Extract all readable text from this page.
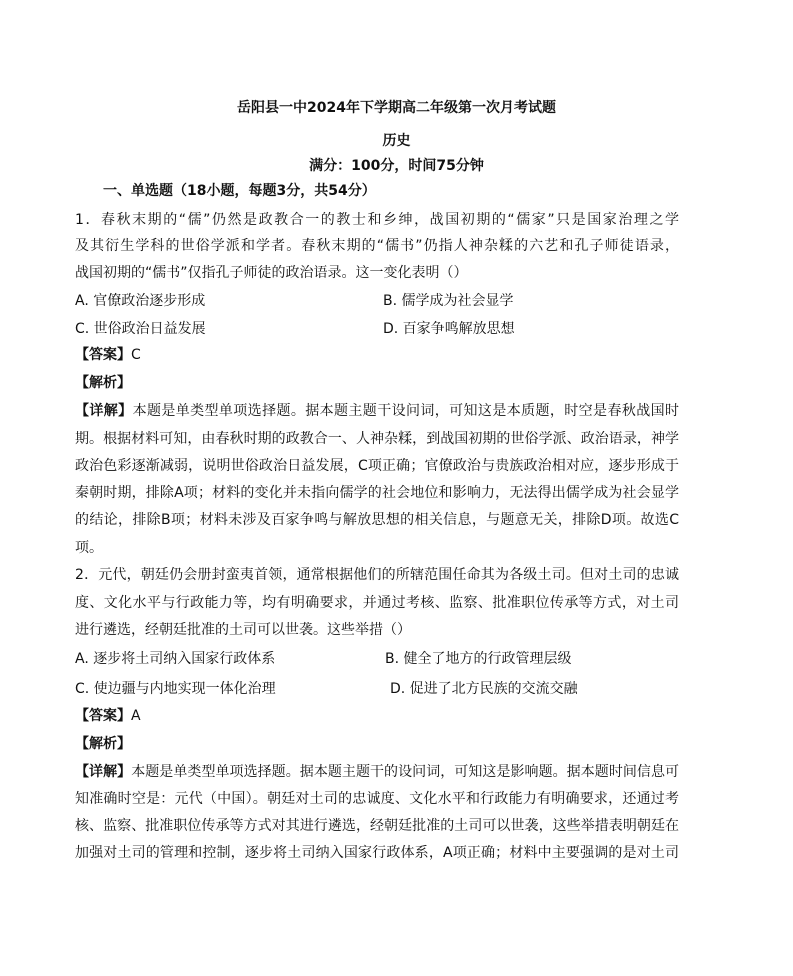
岳阳县一中2024年下学期高二年级第一次月考试题
历史
满分：100分，时间75分钟
一、单选题（18小题，每题3分，共54分）
1．春秋末期的“儒”仍然是政教合一的教士和乡绅，战国初期的“儒家”只是国家治理之学
及其衍生学科的世俗学派和学者。春秋末期的“儒书”仍指人神杂糅的六艺和孔子师徒语录，
战国初期的“儒书”仅指孔子师徒的政治语录。这一变化表明（）
A. 官僚政治逐步形成	B. 儒学成为社会显学
C. 世俗政治日益发展	D. 百家争鸣解放思想
【答案】C
【解析】
【详解】本题是单类型单项选择题。据本题主题干设问词，可知这是本质题，时空是春秋战国时
期。根据材料可知，由春秋时期的政教合一、人神杂糅，到战国初期的世俗学派、政治语录，神学
政治色彩逐渐减弱，说明世俗政治日益发展，C项正确；官僚政治与贵族政治相对应，逐步形成于
秦朝时期，排除A项；材料的变化并未指向儒学的社会地位和影响力，无法得出儒学成为社会显学
的结论，排除B项；材料未涉及百家争鸣与解放思想的相关信息，与题意无关，排除D项。故选C
项。
2．元代，朝廷仍会册封蛮夷首领，通常根据他们的所辖范围任命其为各级土司。但对土司的忠诚
度、文化水平与行政能力等，均有明确要求，并通过考核、监察、批准职位传承等方式，对土司
进行遴选，经朝廷批准的土司可以世袭。这些举措（）
A. 逐步将土司纳入国家行政体系	B. 健全了地方的行政管理层级
C. 使边疆与内地实现一体化治理	D. 促进了北方民族的交流交融
【答案】A
【解析】
【详解】本题是单类型单项选择题。据本题主题干的设问词，可知这是影响题。据本题时间信息可
知准确时空是：元代（中国）。朝廷对土司的忠诚度、文化水平和行政能力有明确要求，还通过考
核、监察、批准职位传承等方式对其进行遴选，经朝廷批准的土司可以世袭，这些举措表明朝廷在
加强对土司的管理和控制，逐步将土司纳入国家行政体系，A项正确；材料中主要强调的是对土司
